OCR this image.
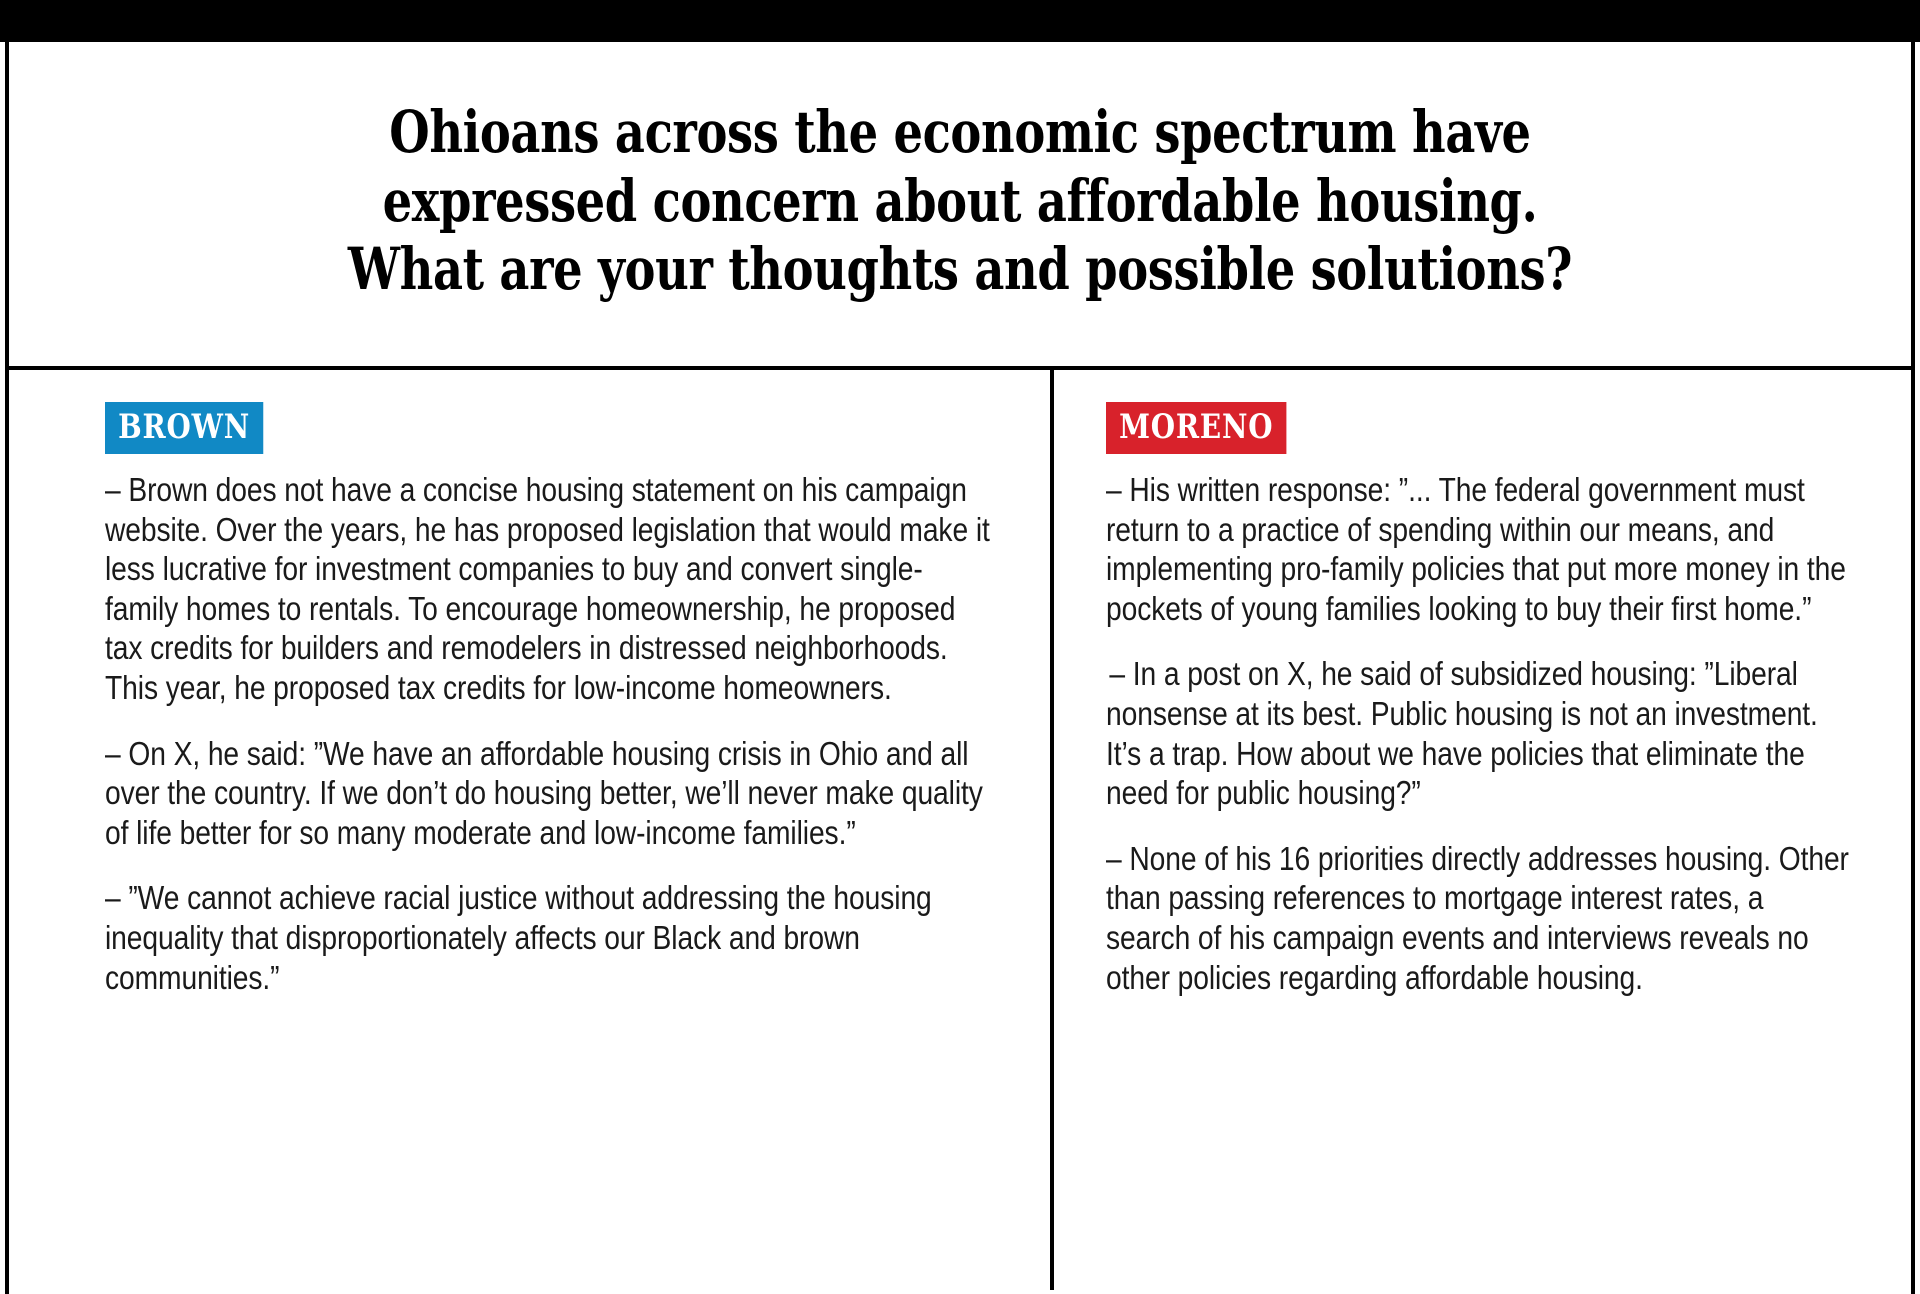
Ohioans across the economic spectrum have
expressed concern about affordable housing.
What are your thoughts and possible solutions?
BROWN

– Brown does not have a concise housing statement on his campaign website. Over the years, he has proposed legislation that would make it less lucrative for investment companies to buy and convert single-family homes to rentals. To encourage homeownership, he proposed tax credits for builders and remodelers in distressed neighborhoods. This year, he proposed tax credits for low-income homeowners.

– On X, he said: ”We have an affordable housing crisis in Ohio and all over the country. If we don’t do housing better, we’ll never make quality of life better for so many moderate and low-income families.”

– ”We cannot achieve racial justice without addressing the housing inequality that disproportionately affects our Black and brown communities.”

MORENO

– His written response: ”... The federal government must return to a practice of spending within our means, and implementing pro-family policies that put more money in the pockets of young families looking to buy their first home.”

– In a post on X, he said of subsidized housing: ”Liberal nonsense at its best. Public housing is not an investment. It’s a trap. How about we have policies that eliminate the need for public housing?”

– None of his 16 priorities directly addresses housing. Other than passing references to mortgage interest rates, a search of his campaign events and interviews reveals no other policies regarding affordable housing.
